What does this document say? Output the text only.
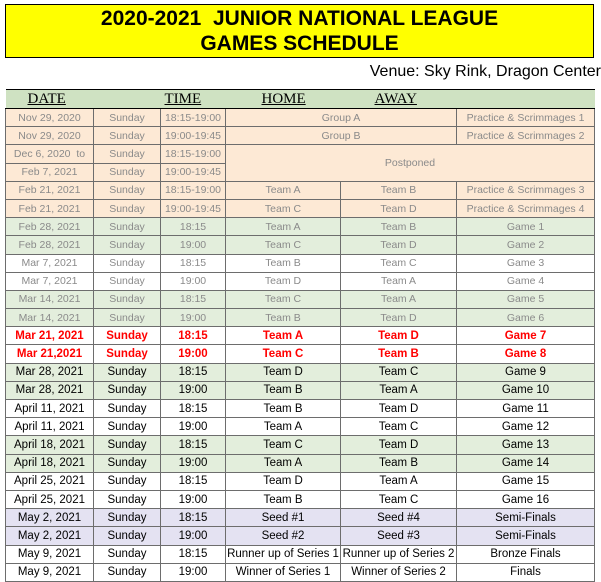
2020-2021  JUNIOR NATIONAL LEAGUE
GAMES SCHEDULE
Venue: Sky Rink, Dragon Center
DATE		TIME	HOME	AWAY	
Nov 29, 2020	Sunday	18:15-19:00	Group A		Practice & Scrimmages 1
Nov 29, 2020	Sunday	19:00-19:45	Group B		Practice & Scrimmages 2
Dec 6, 2020  to	Sunday	18:15-19:00	Postponed		
Feb 7, 2021	Sunday	19:00-19:45			
Feb 21, 2021	Sunday	18:15-19:00	Team A	Team B	Practice & Scrimmages 3
Feb 21, 2021	Sunday	19:00-19:45	Team C	Team D	Practice & Scrimmages 4
Feb 28, 2021	Sunday	18:15	Team A	Team B	Game 1
Feb 28, 2021	Sunday	19:00	Team C	Team D	Game 2
Mar 7, 2021	Sunday	18:15	Team B	Team C	Game 3
Mar 7, 2021	Sunday	19:00	Team D	Team A	Game 4
Mar 14, 2021	Sunday	18:15	Team C	Team A	Game 5
Mar 14, 2021	Sunday	19:00	Team B	Team D	Game 6
Mar 21, 2021	Sunday	18:15	Team A	Team D	Game 7
Mar 21,2021	Sunday	19:00	Team C	Team B	Game 8
Mar 28, 2021	Sunday	18:15	Team D	Team C	Game 9
Mar 28, 2021	Sunday	19:00	Team B	Team A	Game 10
April 11, 2021	Sunday	18:15	Team B	Team D	Game 11
April 11, 2021	Sunday	19:00	Team A	Team C	Game 12
April 18, 2021	Sunday	18:15	Team C	Team D	Game 13
April 18, 2021	Sunday	19:00	Team A	Team B	Game 14
April 25, 2021	Sunday	18:15	Team D	Team A	Game 15
April 25, 2021	Sunday	19:00	Team B	Team C	Game 16
May 2, 2021	Sunday	18:15	Seed #1	Seed #4	Semi-Finals
May 2, 2021	Sunday	19:00	Seed #2	Seed #3	Semi-Finals
May 9, 2021	Sunday	18:15	Runner up of Series 1	Runner up of Series 2	Bronze Finals
May 9, 2021	Sunday	19:00	Winner of Series 1	Winner of Series 2	Finals
